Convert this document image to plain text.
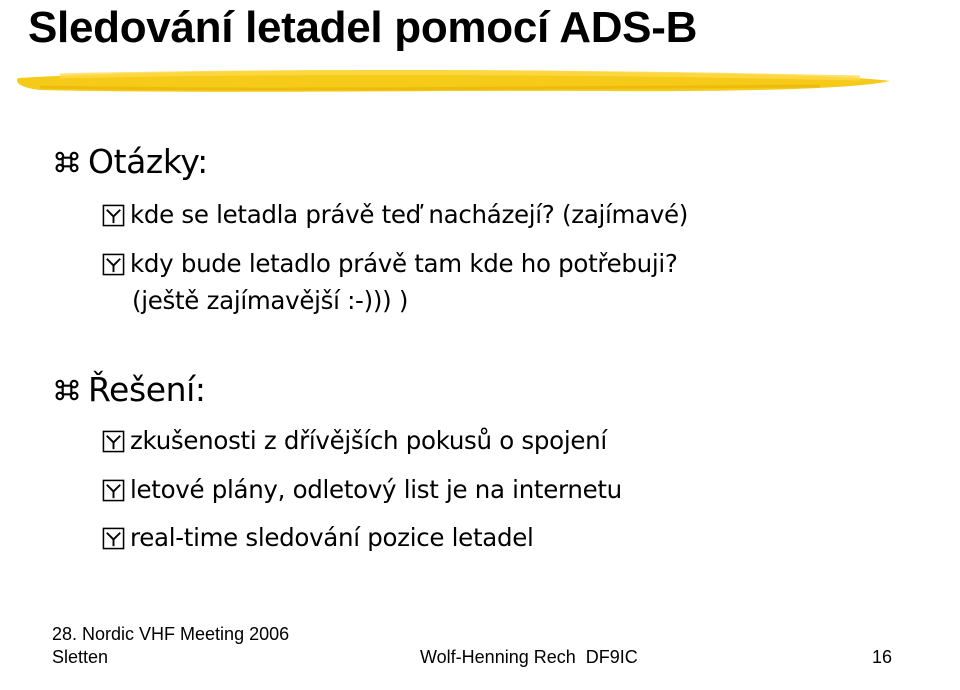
Sledování letadel pomocí ADS-B
Otázky:
kde se letadla právě teď nacházejí? (zajímavé)
kdy bude letadlo právě tam kde ho potřebuji?
(ještě zajímavější :-))) )
Řešení:
zkušenosti z dřívějších pokusů o spojení
letové plány, odletový list je na internetu
real-time sledování pozice letadel
28. Nordic VHF Meeting 2006
Sletten	Wolf-Henning Rech  DF9IC	16
